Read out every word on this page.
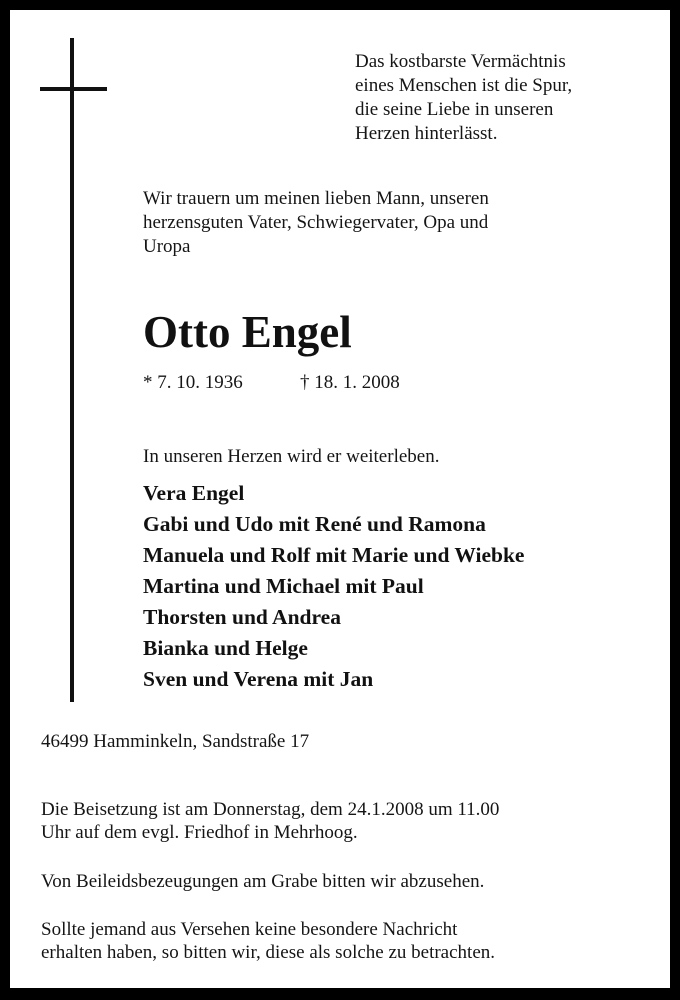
Das kostbarste Vermächtnis
eines Menschen ist die Spur,
die seine Liebe in unseren
Herzen hinterlässt.
Wir trauern um meinen lieben Mann, unseren
herzensguten Vater, Schwiegervater, Opa und
Uropa
Otto Engel
* 7. 10. 1936	† 18. 1. 2008
In unseren Herzen wird er weiterleben.
Vera Engel
Gabi und Udo mit René und Ramona
Manuela und Rolf mit Marie und Wiebke
Martina und Michael mit Paul
Thorsten und Andrea
Bianka und Helge
Sven und Verena mit Jan
46499 Hamminkeln, Sandstraße 17
Die Beisetzung ist am Donnerstag, dem 24.1.2008 um 11.00
Uhr auf dem evgl. Friedhof in Mehrhoog.
Von Beileidsbezeugungen am Grabe bitten wir abzusehen.
Sollte jemand aus Versehen keine besondere Nachricht
erhalten haben, so bitten wir, diese als solche zu betrachten.
